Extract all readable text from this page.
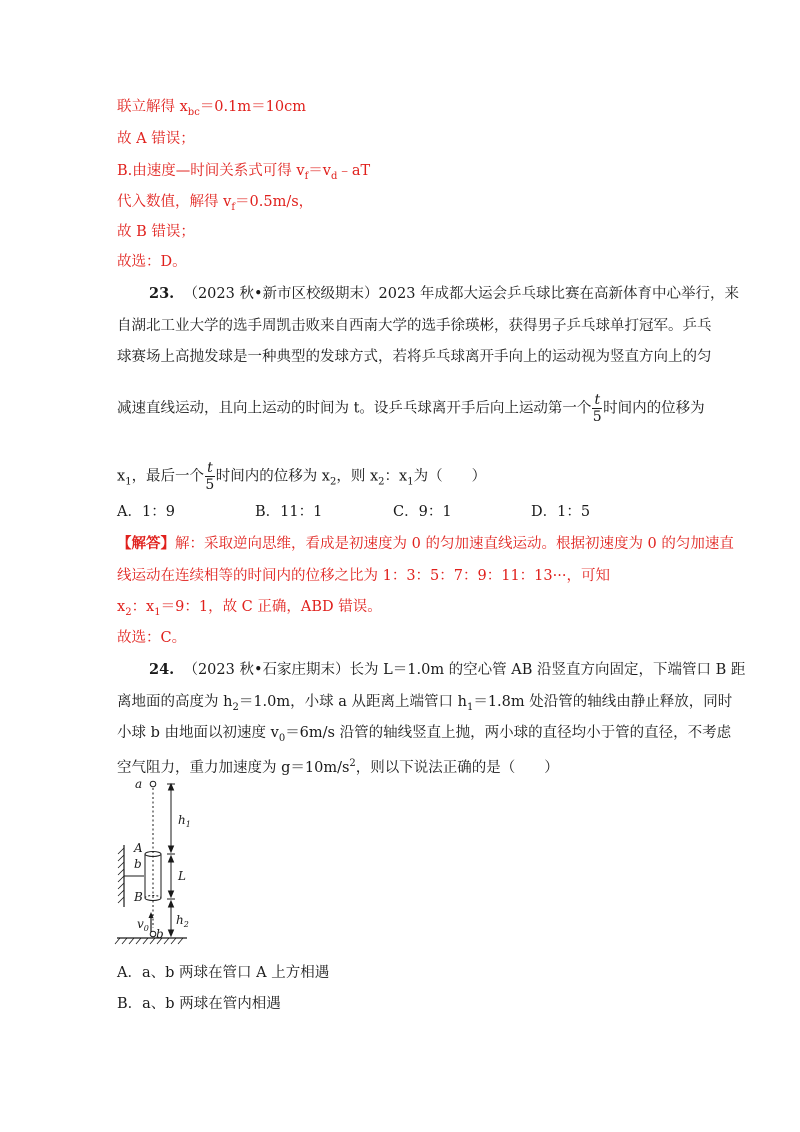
联立解得 $x_{bc}=0.1m=10cm$
故 A 错误；
B.由速度—时间关系式可得 $v_f=v_d﹣aT$
代入数值，解得 $v_f=0.5m/s$，
故 B 错误；
故选：D。
23. （2023 秋•新市区校级期末）2023 年成都大运会乒乓球比赛在高新体育中心举行，来
自湖北工业大学的选手周凯击败来自西南大学的选手徐瑛彬，获得男子乒乓球单打冠军。乒乓
球赛场上高抛发球是一种典型的发球方式，若将乒乓球离开手向上的运动视为竖直方向上的匀
减速直线运动，且向上运动的时间为 t。设乒乓球离开手后向上运动第一个 $\frac{t}{5}$ 时间内的位移为
$x_1$，最后一个 $\frac{t}{5}$ 时间内的位移为 $x_2$，则 $x_2$：$x_1$为（　　）
A．1：9	B．11：1	C．9：1	D．1：5
【解答】解：采取逆向思维，看成是初速度为 0 的匀加速直线运动。根据初速度为 0 的匀加速直
线运动在连续相等的时间内的位移之比为 1：3：5：7：9：11：13···，可知
$x_2$：$x_1=9$：1，故 C 正确，ABD 错误。
故选：C。
24. （2023 秋•石家庄期末）长为 L＝1.0m 的空心管 AB 沿竖直方向固定，下端管口 B 距
离地面的高度为 $h_2=1.0m$，小球 a 从距离上端管口 $h_1=1.8m$ 处沿管的轴线由静止释放，同时
小球 b 由地面以初速度 $v_0=6m/s$ 沿管的轴线竖直上抛，两小球的直径均小于管的直径，不考虑
空气阻力，重力加速度为 $g=10m/s^2$，则以下说法正确的是（　　）
a
A
b
B
$h_1$
L
$h_2$
$v_0$ b
A．a、b 两球在管口 A 上方相遇
B．a、b 两球在管内相遇
